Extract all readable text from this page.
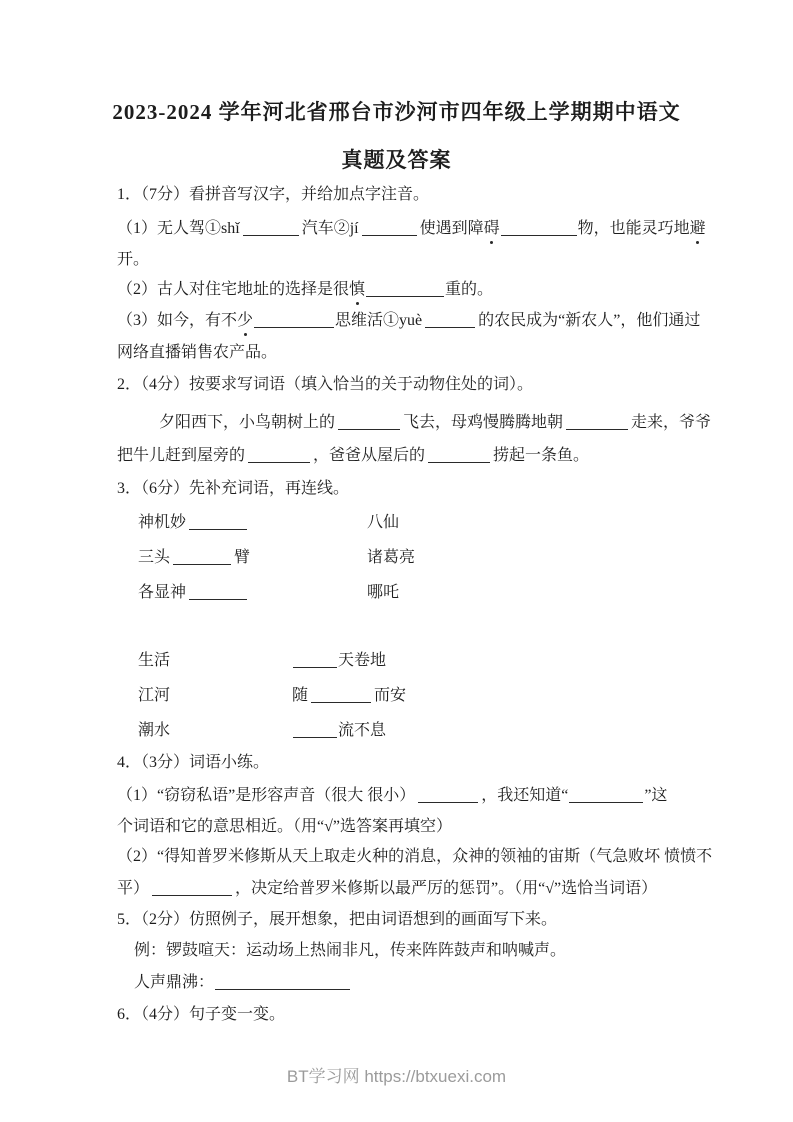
2023-2024 学年河北省邢台市沙河市四年级上学期期中语文
真题及答案
1．（7分）看拼音写汉字，并给加点字注音。
（1）无人驾①shǐ	汽车②jí	使遇到障碍	物，也能灵巧地避
开。
（2）古人对住宅地址的选择是很慎	重的。
（3）如今，有不少	思维活①yuè	的农民成为“新农人”，他们通过
网络直播销售农产品。
2．（4分）按要求写词语（填入恰当的关于动物住处的词）。
夕阳西下，小鸟朝树上的	飞去，母鸡慢腾腾地朝	走来，爷爷
把牛儿赶到屋旁的	，爸爸从屋后的	捞起一条鱼。
3．（6分）先补充词语，再连线。
神机妙	八仙
三头	臂	诸葛亮
各显神	哪吒
生活	天卷地
江河	随	而安
潮水	流不息
4．（3分）词语小练。
（1）“窃窃私语”是形容声音（很大 很小）	，我还知道“	”这
个词语和它的意思相近。（用“√”选答案再填空）
（2）“得知普罗米修斯从天上取走火种的消息，众神的领袖的宙斯（气急败坏 愤愤不
平）	，决定给普罗米修斯以最严厉的惩罚”。（用“√”选恰当词语）
5．（2分）仿照例子，展开想象，把由词语想到的画面写下来。
例：锣鼓喧天：运动场上热闹非凡，传来阵阵鼓声和呐喊声。
人声鼎沸：
6．（4分）句子变一变。
BT学习网 https://btxuexi.com
